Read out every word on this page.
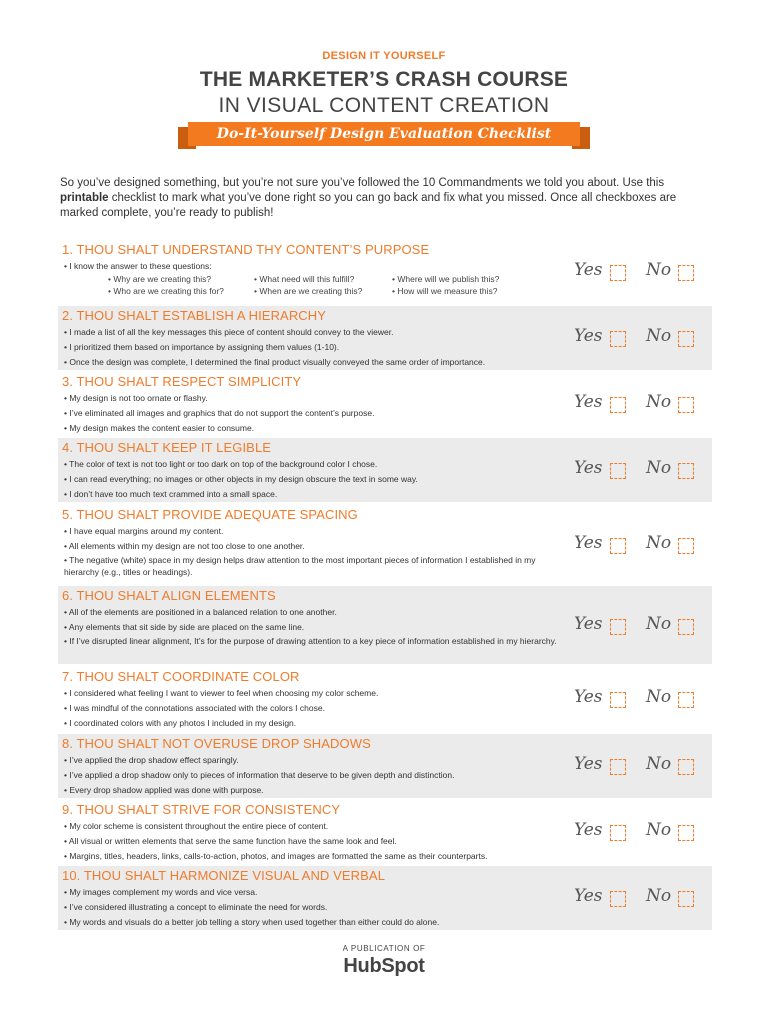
DESIGN IT YOURSELF
THE MARKETER’S CRASH COURSE
IN VISUAL CONTENT CREATION
Do-It-Yourself Design Evaluation Checklist
So you’ve designed something, but you’re not sure you’ve followed the 10 Commandments we told you about. Use this printable checklist to mark what you’ve done right so you can go back and fix what you missed. Once all checkboxes are marked complete, you’re ready to publish!
1. THOU SHALT UNDERSTAND THY CONTENT’S PURPOSE
• I know the answer to these questions:
• Why are we creating this?
• Who are we creating this for?
• What need will this fulfill?
• When are we creating this?
• Where will we publish this?
• How will we measure this?
Yes	No
2. THOU SHALT ESTABLISH A HIERARCHY
• I made a list of all the key messages this piece of content should convey to the viewer.
• I prioritized them based on importance by assigning them values (1-10).
• Once the design was complete, I determined the final product visually conveyed the same order of importance.
Yes	No
3. THOU SHALT RESPECT SIMPLICITY
• My design is not too ornate or flashy.
• I’ve eliminated all images and graphics that do not support the content’s purpose.
• My design makes the content easier to consume.
Yes	No
4. THOU SHALT KEEP IT LEGIBLE
• The color of text is not too light or too dark on top of the background color I chose.
• I can read everything; no images or other objects in my design obscure the text in some way.
• I don’t have too much text crammed into a small space.
Yes	No
5. THOU SHALT PROVIDE ADEQUATE SPACING
• I have equal margins around my content.
• All elements within my design are not too close to one another.
• The negative (white) space in my design helps draw attention to the most important pieces of information I established in my hierarchy (e.g., titles or headings).
Yes	No
6. THOU SHALT ALIGN ELEMENTS
• All of the elements are positioned in a balanced relation to one another.
• Any elements that sit side by side are placed on the same line.
• If I’ve disrupted linear alignment, It’s for the purpose of drawing attention to a key piece of information established in my hierarchy.
Yes	No
7. THOU SHALT COORDINATE COLOR
• I considered what feeling I want to viewer to feel when choosing my color scheme.
• I was mindful of the connotations associated with the colors I chose.
• I coordinated colors with any photos I included in my design.
Yes	No
8. THOU SHALT NOT OVERUSE DROP SHADOWS
• I’ve applied the drop shadow effect sparingly.
• I’ve applied a drop shadow only to pieces of information that deserve to be given depth and distinction.
• Every drop shadow applied was done with purpose.
Yes	No
9. THOU SHALT STRIVE FOR CONSISTENCY
• My color scheme is consistent throughout the entire piece of content.
• All visual or written elements that serve the same function have the same look and feel.
• Margins, titles, headers, links, calls-to-action, photos, and images are formatted the same as their counterparts.
Yes	No
10. THOU SHALT HARMONIZE VISUAL AND VERBAL
• My images complement my words and vice versa.
• I’ve considered illustrating a concept to eliminate the need for words.
• My words and visuals do a better job telling a story when used together than either could do alone.
Yes	No
A PUBLICATION OF
HubSpot
